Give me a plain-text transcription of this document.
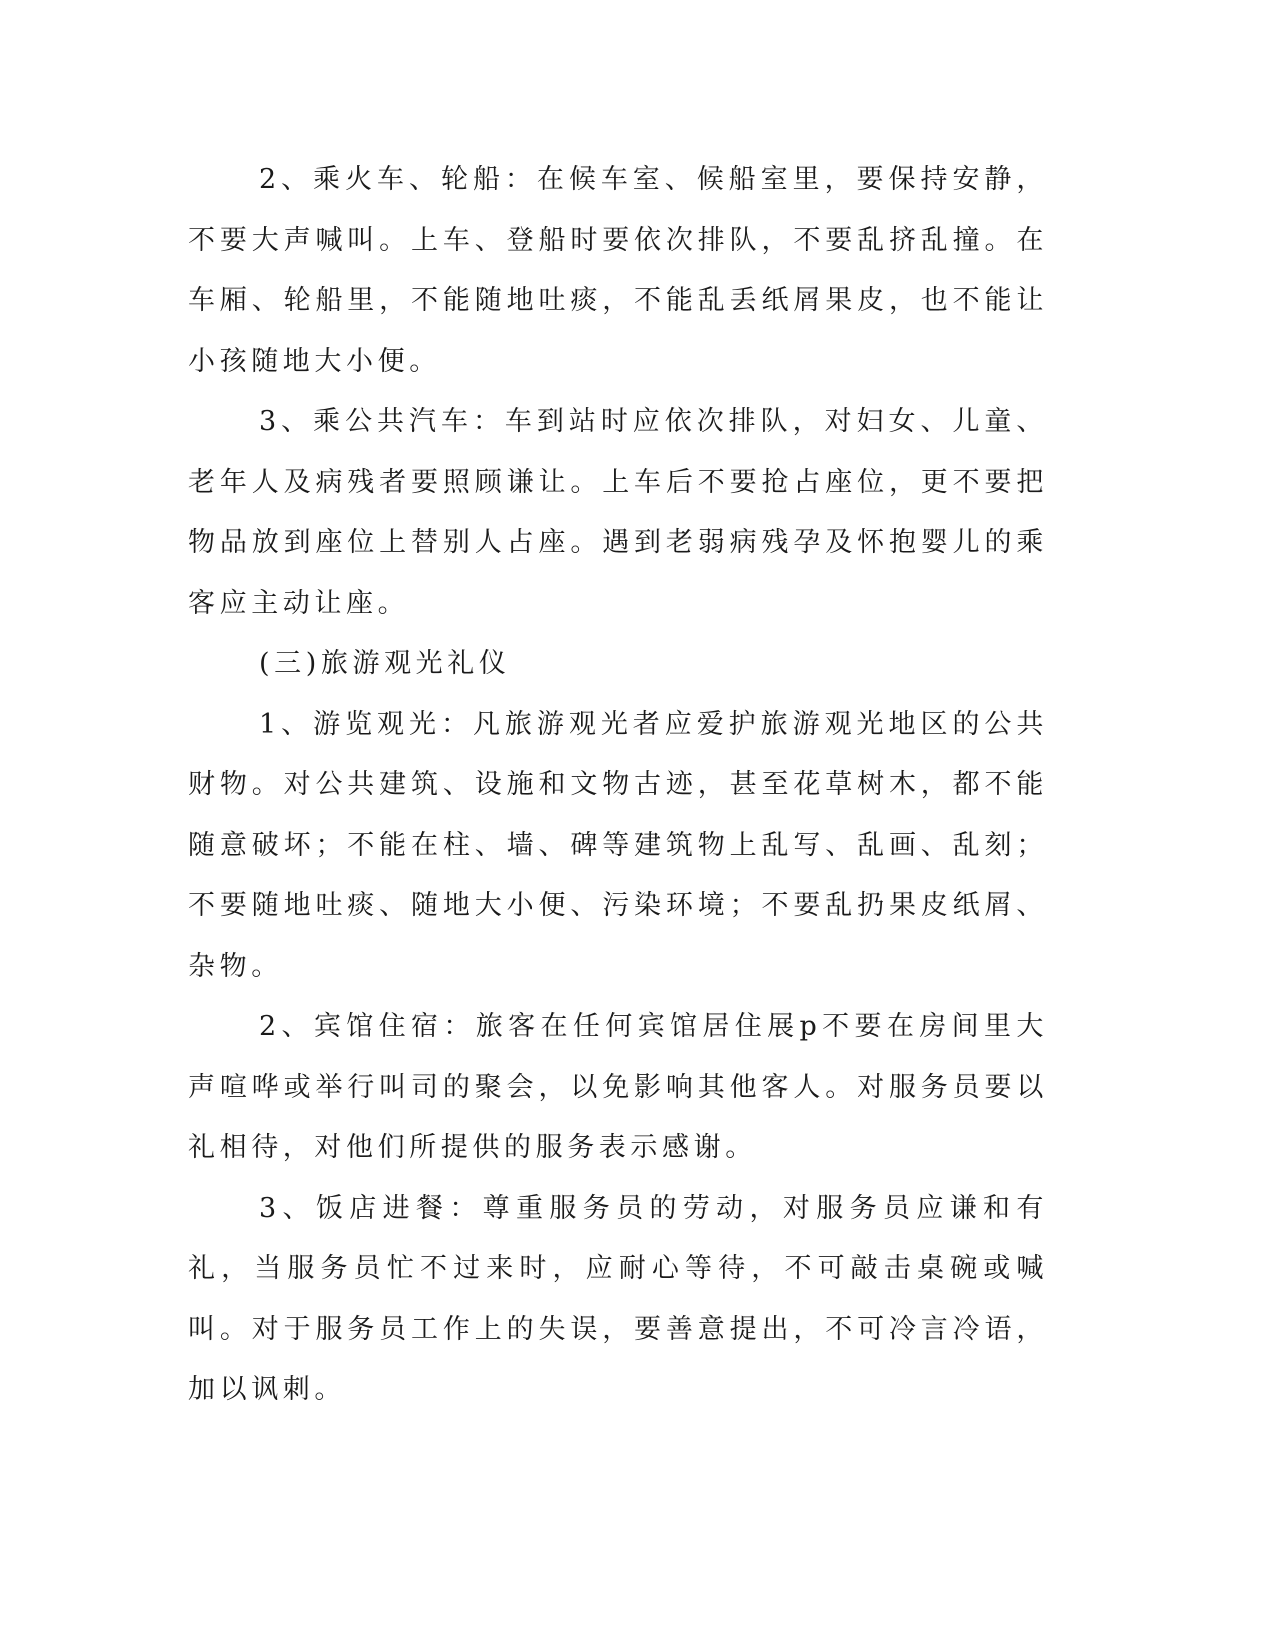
2、乘火车、轮船：在候车室、候船室里，要保持安静，不要大声喊叫。上车、登船时要依次排队，不要乱挤乱撞。在车厢、轮船里，不能随地吐痰，不能乱丢纸屑果皮，也不能让小孩随地大小便。

3、乘公共汽车：车到站时应依次排队，对妇女、儿童、老年人及病残者要照顾谦让。上车后不要抢占座位，更不要把物品放到座位上替别人占座。遇到老弱病残孕及怀抱婴儿的乘客应主动让座。

(三)旅游观光礼仪

1、游览观光：凡旅游观光者应爱护旅游观光地区的公共财物。对公共建筑、设施和文物古迹，甚至花草树木，都不能随意破坏；不能在柱、墙、碑等建筑物上乱写、乱画、乱刻；不要随地吐痰、随地大小便、污染环境；不要乱扔果皮纸屑、杂物。

2、宾馆住宿：旅客在任何宾馆居住展p不要在房间里大声喧哗或举行叫司的聚会，以免影响其他客人。对服务员要以礼相待，对他们所提供的服务表示感谢。

3、饭店进餐：尊重服务员的劳动，对服务员应谦和有礼，当服务员忙不过来时，应耐心等待，不可敲击桌碗或喊叫。对于服务员工作上的失误，要善意提出，不可冷言冷语，加以讽刺。
